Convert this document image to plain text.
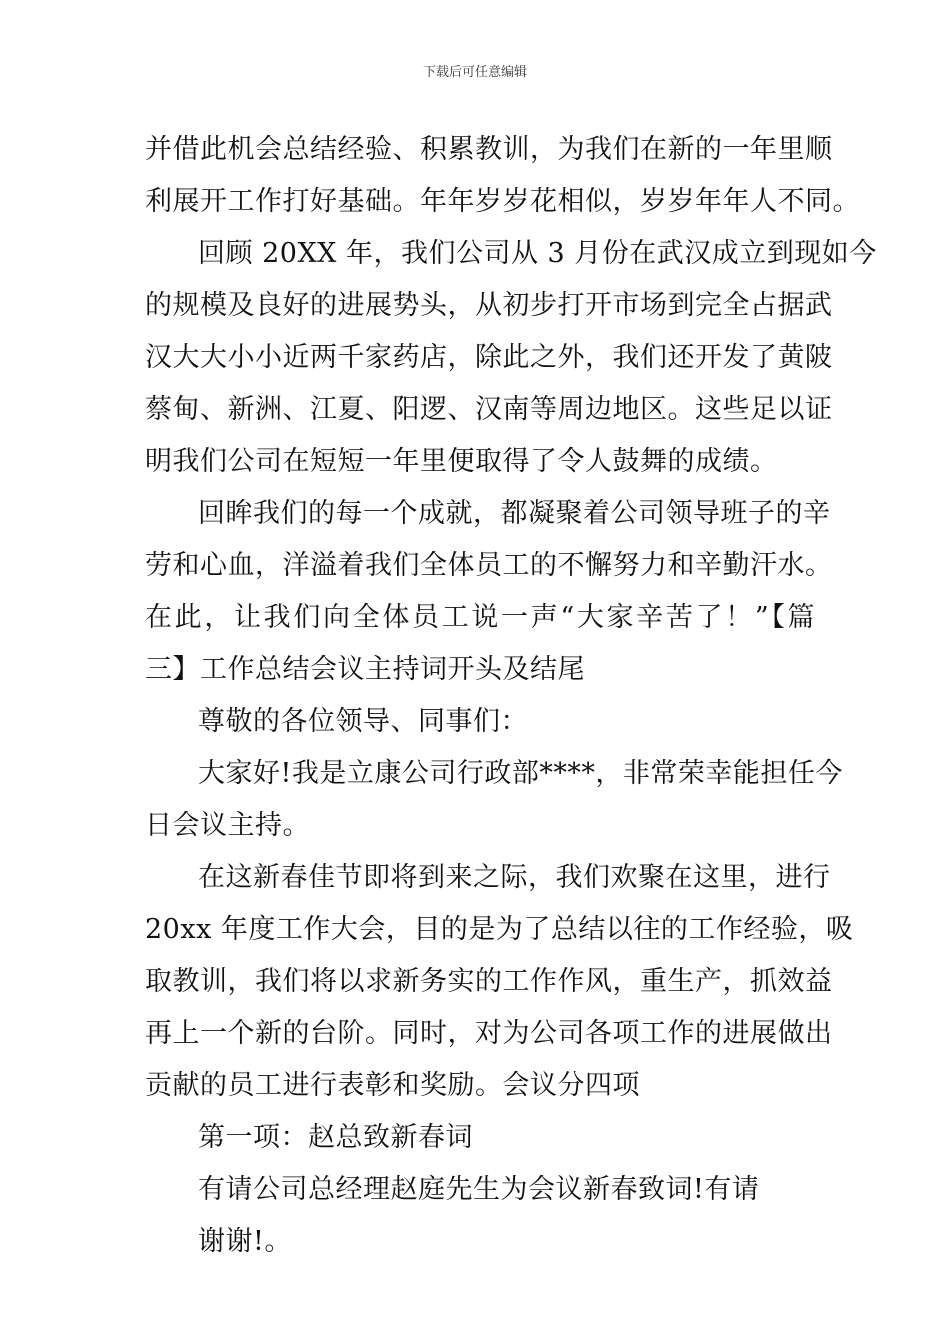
下载后可任意编辑
并借此机会总结经验、积累教训，为我们在新的一年里顺
利展开工作打好基础。年年岁岁花相似，岁岁年年人不同。
回顾 20XX 年，我们公司从 3 月份在武汉成立到现如今
的规模及良好的进展势头，从初步打开市场到完全占据武
汉大大小小近两千家药店，除此之外，我们还开发了黄陂
蔡甸、新洲、江夏、阳逻、汉南等周边地区。这些足以证
明我们公司在短短一年里便取得了令人鼓舞的成绩。
回眸我们的每一个成就，都凝聚着公司领导班子的辛
劳和心血，洋溢着我们全体员工的不懈努力和辛勤汗水。
在此，让我们向全体员工说一声“大家辛苦了！”【篇
三】工作总结会议主持词开头及结尾
尊敬的各位领导、同事们：
大家好!我是立康公司行政部****，非常荣幸能担任今
日会议主持。
在这新春佳节即将到来之际，我们欢聚在这里，进行
20xx 年度工作大会，目的是为了总结以往的工作经验，吸
取教训，我们将以求新务实的工作作风，重生产，抓效益
再上一个新的台阶。同时，对为公司各项工作的进展做出
贡献的员工进行表彰和奖励。会议分四项
第一项：赵总致新春词
有请公司总经理赵庭先生为会议新春致词!有请
谢谢!。
